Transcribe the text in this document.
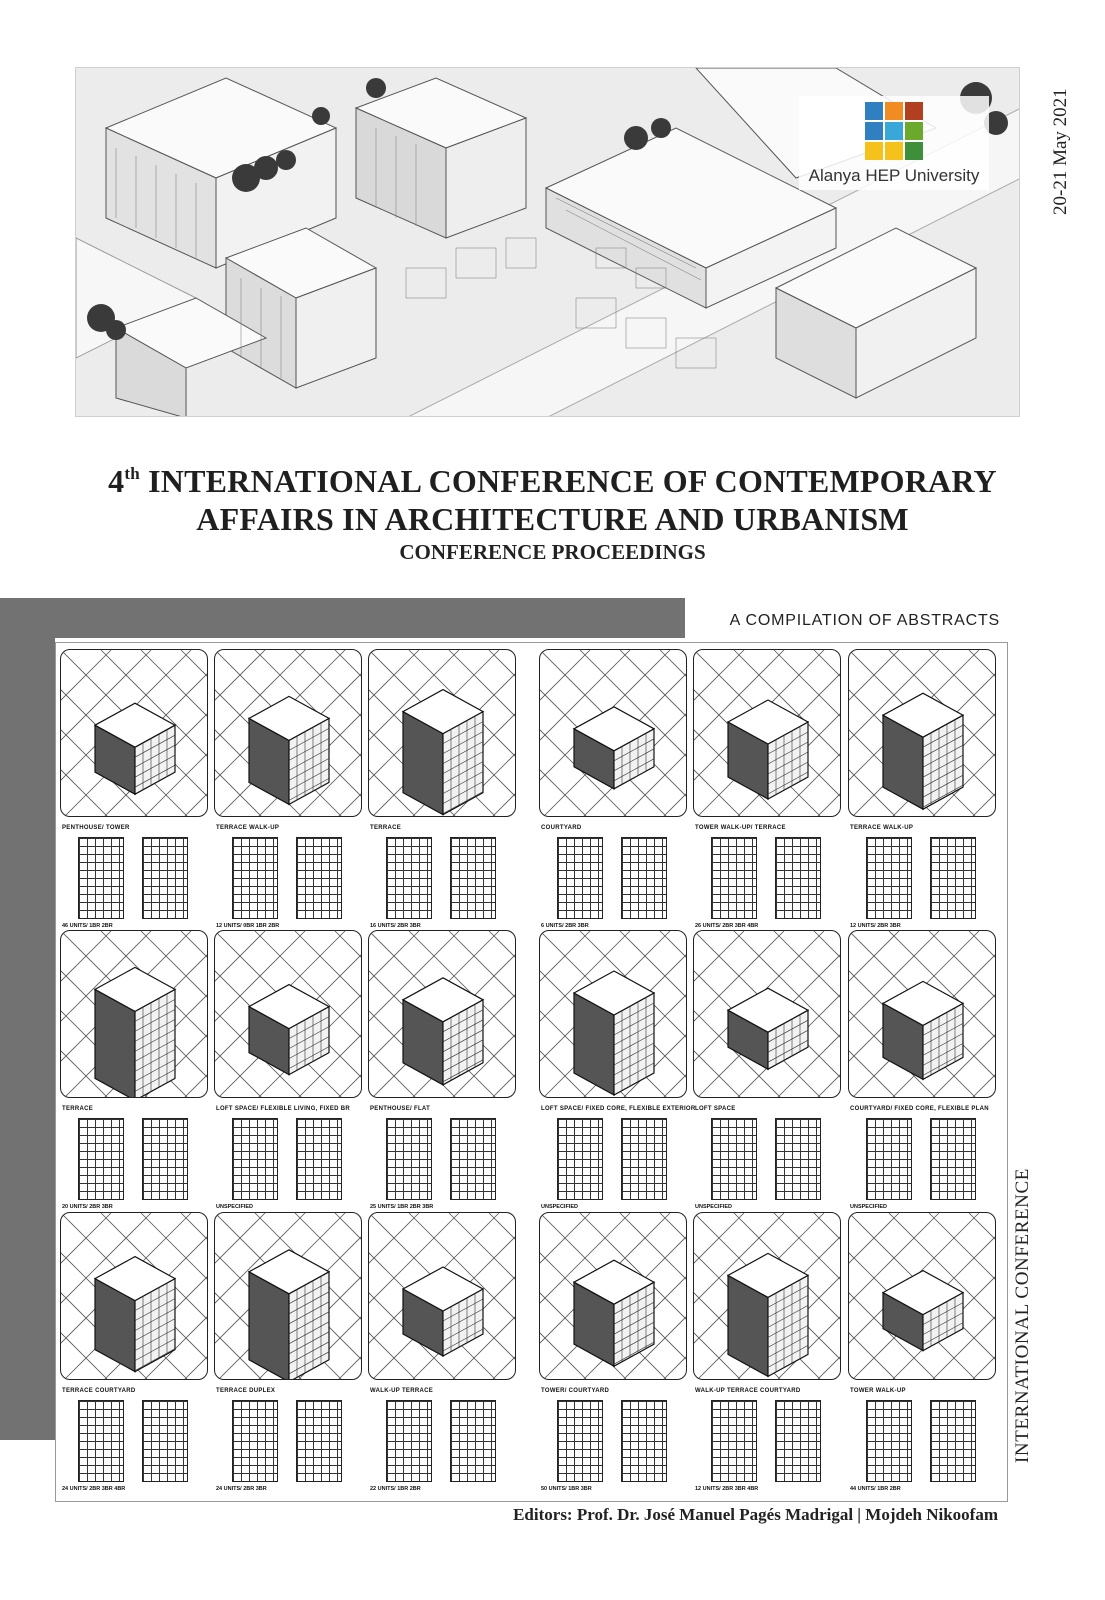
Alanya HEP University	20-21 May 2021
4th INTERNATIONAL CONFERENCE OF CONTEMPORARY
AFFAIRS IN ARCHITECTURE AND URBANISM
CONFERENCE PROCEEDINGS
A COMPILATION OF ABSTRACTS
PENTHOUSE/ TOWER
46 UNITS/ 1BR 2BR
TERRACE WALK-UP
12 UNITS/ 0BR 1BR 2BR
TERRACE
16 UNITS/ 2BR 3BR
COURTYARD
6 UNITS/ 2BR 3BR
TOWER WALK-UP/ TERRACE
26 UNITS/ 2BR 3BR 4BR
TERRACE WALK-UP
12 UNITS/ 2BR 3BR
TERRACE
20 UNITS/ 2BR 3BR
LOFT SPACE/ FLEXIBLE LIVING, FIXED BR
UNSPECIFIED
PENTHOUSE/ FLAT
25 UNITS/ 1BR 2BR 3BR
LOFT SPACE/ FIXED CORE, FLEXIBLE EXTERIOR
UNSPECIFIED
LOFT SPACE
UNSPECIFIED
COURTYARD/ FIXED CORE, FLEXIBLE PLAN
UNSPECIFIED
TERRACE COURTYARD
24 UNITS/ 2BR 3BR 4BR
TERRACE DUPLEX
24 UNITS/ 2BR 3BR
WALK-UP TERRACE
22 UNITS/ 1BR 2BR
TOWER/ COURTYARD
50 UNITS/ 1BR 3BR
WALK-UP TERRACE COURTYARD
12 UNITS/ 2BR 3BR 4BR
TOWER WALK-UP
44 UNITS/ 1BR 2BR
INTERNATIONAL CONFERENCE
Editors: Prof. Dr. José Manuel Pagés Madrigal | Mojdeh Nikoofam
